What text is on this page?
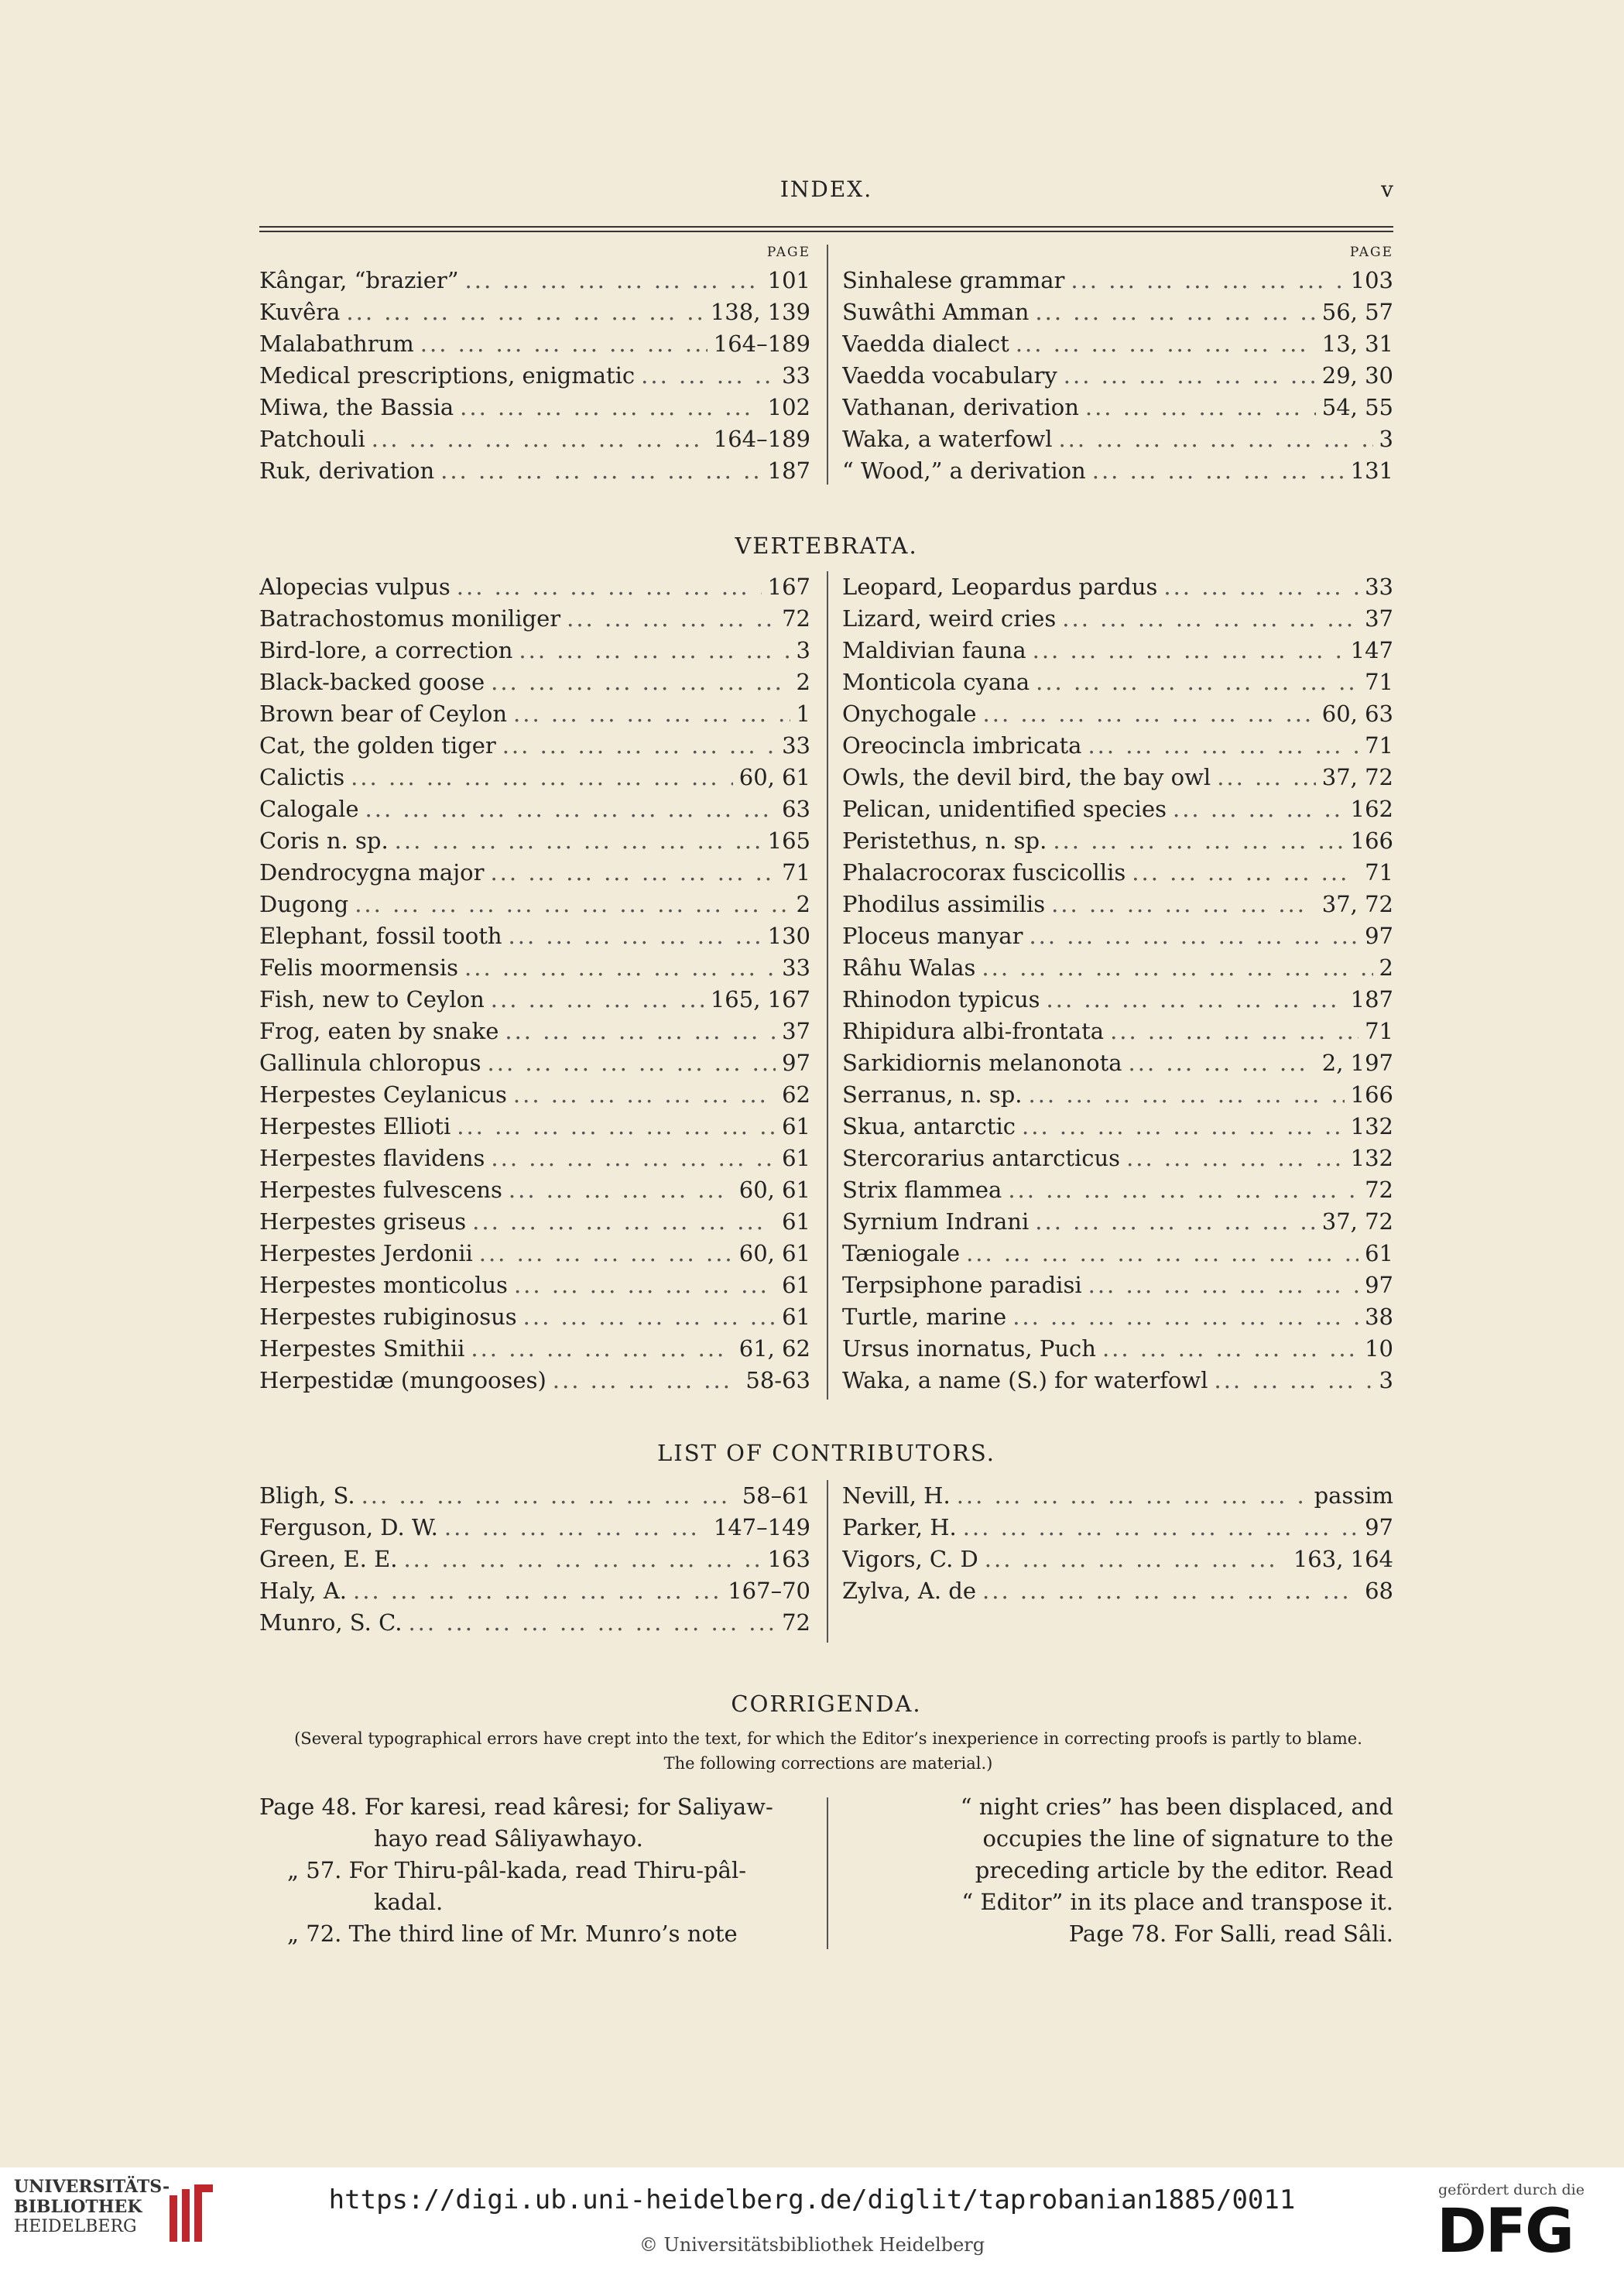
INDEX.	v
PAGE
Kângar, “brazier” ... .	101
Kuvêra ... .	138, 139
Malabathrum ... .	164–189
Medical prescriptions, enigmatic ... .	33
Miwa, the Bassia ... .	102
Patchouli ... .	164–189
Ruk, derivation ... .	187
PAGE
Sinhalese grammar ... .	103
Suwâthi Amman ... .	56, 57
Vaedda dialect ... .	13, 31
Vaedda vocabulary ... .	29, 30
Vathanan, derivation ... .	54, 55
Waka, a waterfowl ... .	3
“ Wood,” a derivation ... .	131
VERTEBRATA.
Alopecias vulpus ... .	167
Batrachostomus moniliger ... .	72
Bird-lore, a correction ... .	3
Black-backed goose ... .	2
Brown bear of Ceylon ... .	1
Cat, the golden tiger ... .	33
Calictis ... .	60, 61
Calogale ... .	63
Coris n. sp. ... .	165
Dendrocygna major ... .	71
Dugong ... .	2
Elephant, fossil tooth ... .	130
Felis moormensis ... .	33
Fish, new to Ceylon ... .	165, 167
Frog, eaten by snake ... .	37
Gallinula chloropus ... .	97
Herpestes Ceylanicus ... .	62
Herpestes Ellioti ... .	61
Herpestes flavidens ... .	61
Herpestes fulvescens ... .	60, 61
Herpestes griseus ... .	61
Herpestes Jerdonii ... .	60, 61
Herpestes monticolus ... .	61
Herpestes rubiginosus ... .	61
Herpestes Smithii ... .	61, 62
Herpestidæ (mungooses) ... .	58-63
Leopard, Leopardus pardus ... .	33
Lizard, weird cries ... .	37
Maldivian fauna ... .	147
Monticola cyana ... .	71
Onychogale ... .	60, 63
Oreocincla imbricata ... .	71
Owls, the devil bird, the bay owl ... .	37, 72
Pelican, unidentified species ... .	162
Peristethus, n. sp. ... .	166
Phalacrocorax fuscicollis ... .	71
Phodilus assimilis ... .	37, 72
Ploceus manyar ... .	97
Râhu Walas ... .	2
Rhinodon typicus ... .	187
Rhipidura albi-frontata ... .	71
Sarkidiornis melanonota ... .	2, 197
Serranus, n. sp. ... .	166
Skua, antarctic ... .	132
Stercorarius antarcticus ... .	132
Strix flammea ... .	72
Syrnium Indrani ... .	37, 72
Tæniogale ... .	61
Terpsiphone paradisi ... .	97
Turtle, marine ... .	38
Ursus inornatus, Puch ... .	10
Waka, a name (S.) for waterfowl ... .	3
LIST OF CONTRIBUTORS.
Bligh, S. ... .	58–61
Ferguson, D. W. ... .	147–149
Green, E. E. ... .	163
Haly, A. ... .	167–70
Munro, S. C. ... .	72
Nevill, H. ... .	passim
Parker, H. ... .	97
Vigors, C. D ... .	163, 164
Zylva, A. de ... .	68
CORRIGENDA.
(Several typographical errors have crept into the text, for which the Editor’s inexperience in correcting proofs is partly to blame. The following corrections are material.)
Page 48. For karesi, read kâresi; for Saliyaw-
hayo read Sâliyawhayo.
„ 57. For Thiru-pâl-kada, read Thiru-pâl-
kadal.
„ 72. The third line of Mr. Munro’s note
“ night cries” has been displaced, and
occupies the line of signature to the
preceding article by the editor. Read
“ Editor” in its place and transpose it.
Page 78. For Salli, read Sâli.
UNIVERSITÄTS-
BIBLIOTHEK
HEIDELBERG
https://digi.ub.uni-heidelberg.de/diglit/taprobanian1885/0011
© Universitätsbibliothek Heidelberg
gefördert durch die
DFG
